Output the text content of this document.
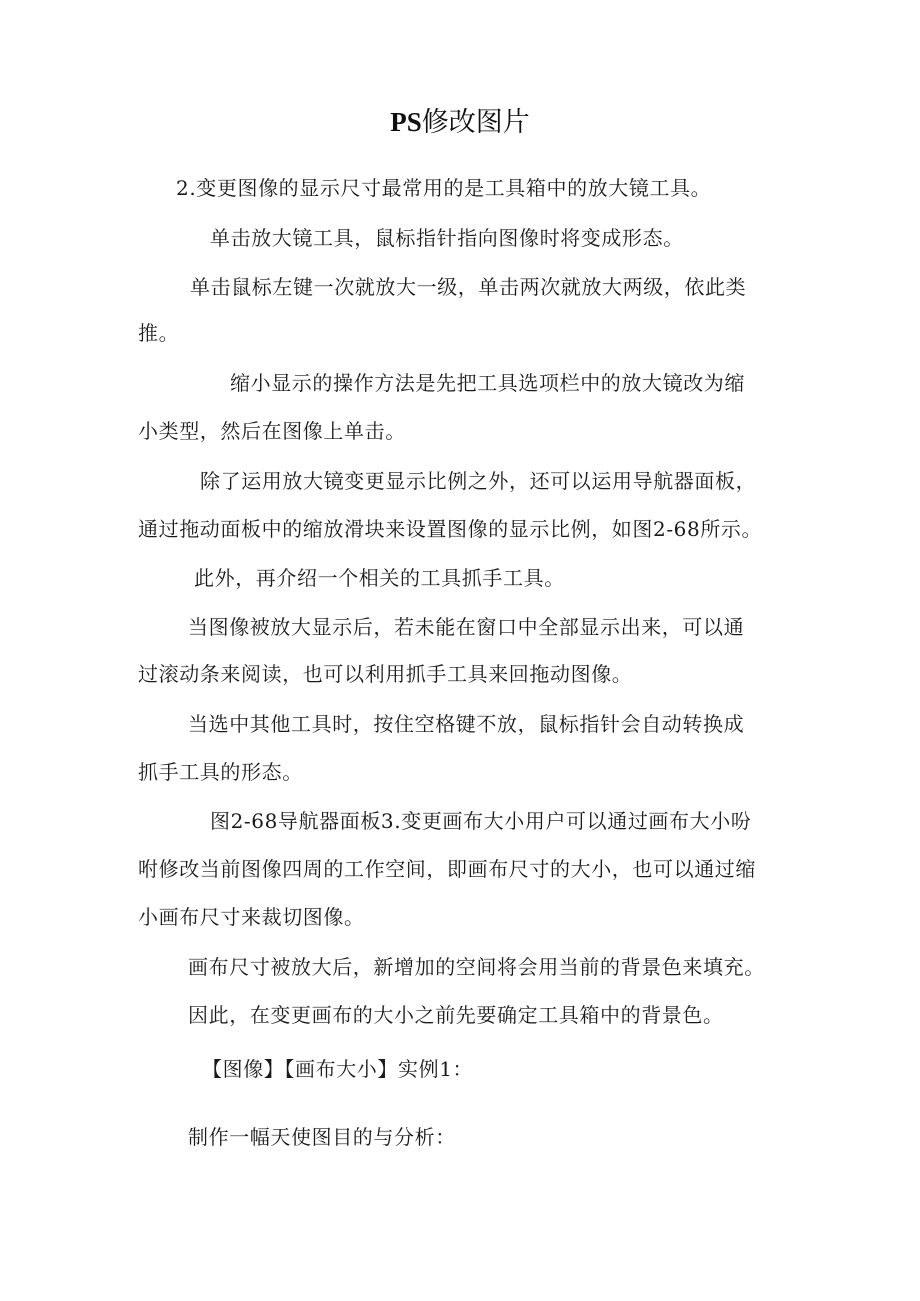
PS修改图片
2.变更图像的显示尺寸最常用的是工具箱中的放大镜工具。
单击放大镜工具，鼠标指针指向图像时将变成形态。
单击鼠标左键一次就放大一级，单击两次就放大两级，依此类
推。
缩小显示的操作方法是先把工具选项栏中的放大镜改为缩
小类型，然后在图像上单击。
除了运用放大镜变更显示比例之外，还可以运用导航器面板，
通过拖动面板中的缩放滑块来设置图像的显示比例，如图2-68所示。
此外，再介绍一个相关的工具抓手工具。
当图像被放大显示后，若未能在窗口中全部显示出来，可以通
过滚动条来阅读，也可以利用抓手工具来回拖动图像。
当选中其他工具时，按住空格键不放，鼠标指针会自动转换成
抓手工具的形态。
图2-68导航器面板3.变更画布大小用户可以通过画布大小吩
咐修改当前图像四周的工作空间，即画布尺寸的大小，也可以通过缩
小画布尺寸来裁切图像。
画布尺寸被放大后，新增加的空间将会用当前的背景色来填充。
因此，在变更画布的大小之前先要确定工具箱中的背景色。
【图像】【画布大小】实例1：
制作一幅天使图目的与分析：
